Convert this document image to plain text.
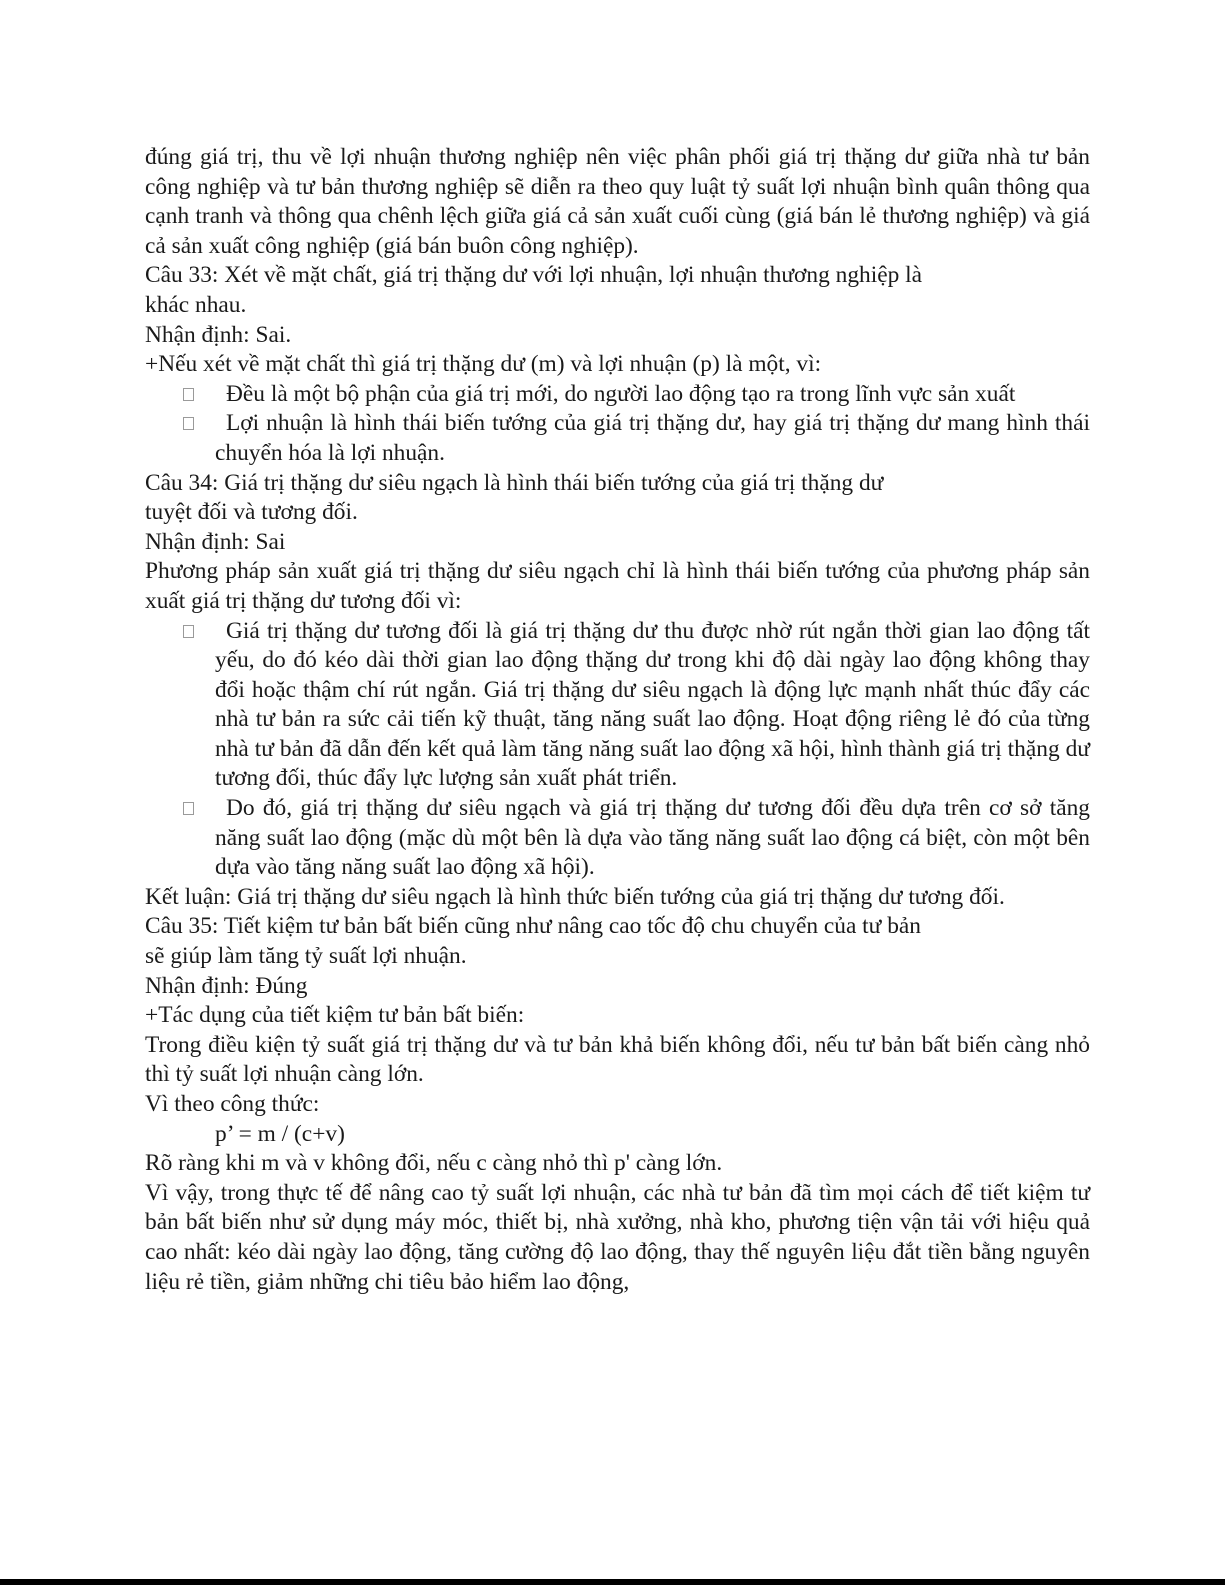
đúng giá trị, thu về lợi nhuận thương nghiệp nên việc phân phối giá trị thặng dư giữa nhà tư bản công nghiệp và tư bản thương nghiệp sẽ diễn ra theo quy luật tỷ suất lợi nhuận bình quân thông qua cạnh tranh và thông qua chênh lệch giữa giá cả sản xuất cuối cùng (giá bán lẻ thương nghiệp) và giá cả sản xuất công nghiệp (giá bán buôn công nghiệp).

Câu 33: Xét về mặt chất, giá trị thặng dư với lợi nhuận, lợi nhuận thương nghiệp là
khác nhau.

Nhận định: Sai.

+Nếu xét về mặt chất thì giá trị thặng dư (m) và lợi nhuận (p) là một, vì:

Đều là một bộ phận của giá trị mới, do người lao động tạo ra trong lĩnh vực sản xuất

Lợi nhuận là hình thái biến tướng của giá trị thặng dư, hay giá trị thặng dư mang hình thái chuyển hóa là lợi nhuận.

Câu 34: Giá trị thặng dư siêu ngạch là hình thái biến tướng của giá trị thặng dư
tuyệt đối và tương đối.

Nhận định: Sai

Phương pháp sản xuất giá trị thặng dư siêu ngạch chỉ là hình thái biến tướng của phương pháp sản xuất giá trị thặng dư tương đối vì:

Giá trị thặng dư tương đối là giá trị thặng dư thu được nhờ rút ngắn thời gian lao động tất yếu, do đó kéo dài thời gian lao động thặng dư trong khi độ dài ngày lao động không thay đổi hoặc thậm chí rút ngắn. Giá trị thặng dư siêu ngạch là động lực mạnh nhất thúc đẩy các nhà tư bản ra sức cải tiến kỹ thuật, tăng năng suất lao động. Hoạt động riêng lẻ đó của từng nhà tư bản đã dẫn đến kết quả làm tăng năng suất lao động xã hội, hình thành giá trị thặng dư tương đối, thúc đẩy lực lượng sản xuất phát triển.

Do đó, giá trị thặng dư siêu ngạch và giá trị thặng dư tương đối đều dựa trên cơ sở tăng năng suất lao động (mặc dù một bên là dựa vào tăng năng suất lao động cá biệt, còn một bên dựa vào tăng năng suất lao động xã hội).

Kết luận: Giá trị thặng dư siêu ngạch là hình thức biến tướng của giá trị thặng dư tương đối.

Câu 35: Tiết kiệm tư bản bất biến cũng như nâng cao tốc độ chu chuyển của tư bản
sẽ giúp làm tăng tỷ suất lợi nhuận.

Nhận định: Đúng

+Tác dụng của tiết kiệm tư bản bất biến:

Trong điều kiện tỷ suất giá trị thặng dư và tư bản khả biến không đổi, nếu tư bản bất biến càng nhỏ thì tỷ suất lợi nhuận càng lớn.

Vì theo công thức:

p’ = m / (c+v)

Rõ ràng khi m và v không đổi, nếu c càng nhỏ thì p' càng lớn.

Vì vậy, trong thực tế để nâng cao tỷ suất lợi nhuận, các nhà tư bản đã tìm mọi cách để tiết kiệm tư bản bất biến như sử dụng máy móc, thiết bị, nhà xưởng, nhà kho, phương tiện vận tải với hiệu quả cao nhất: kéo dài ngày lao động, tăng cường độ lao động, thay thế nguyên liệu đắt tiền bằng nguyên liệu rẻ tiền, giảm những chi tiêu bảo hiểm lao động,
